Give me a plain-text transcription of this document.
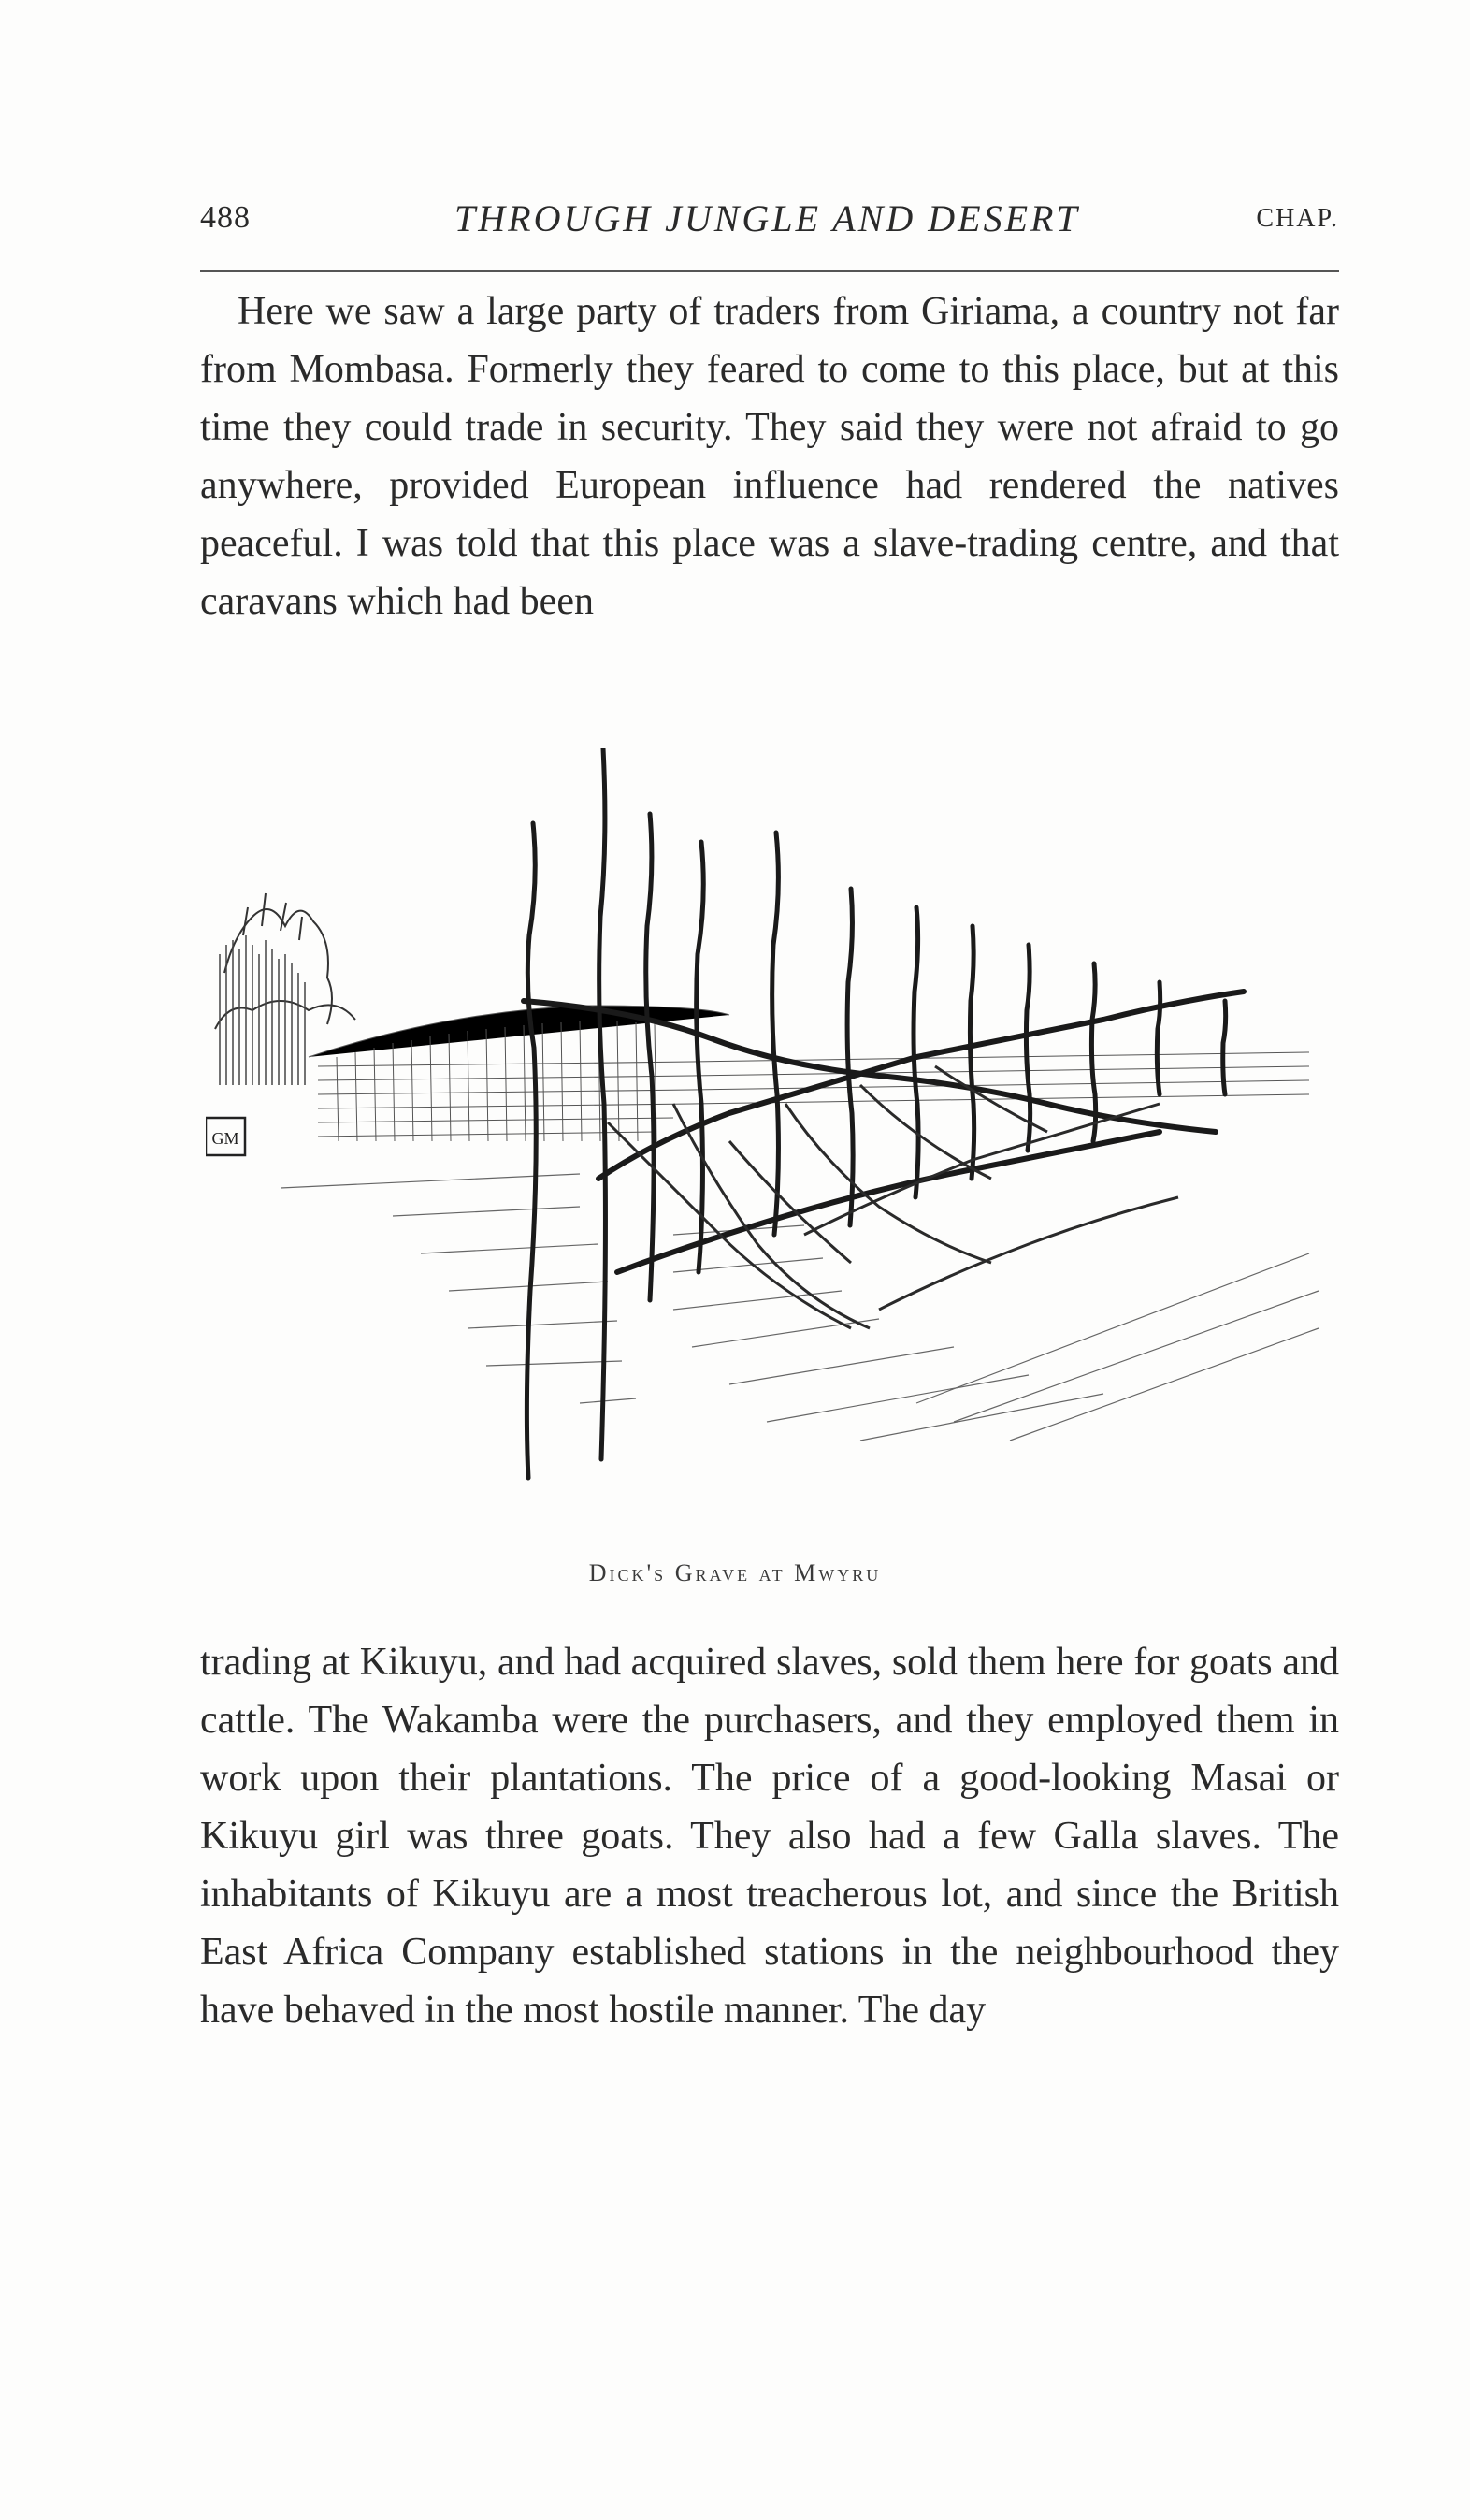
488	THROUGH JUNGLE AND DESERT	CHAP.

Here we saw a large party of traders from Giriama, a country not far from Mombasa. Formerly they feared to come to this place, but at this time they could trade in security. They said they were not afraid to go anywhere, provided European influence had rendered the natives peaceful. I was told that this place was a slave-trading centre, and that caravans which had been

GM
Dick's Grave at Mwyru

trading at Kikuyu, and had acquired slaves, sold them here for goats and cattle. The Wakamba were the purchasers, and they employed them in work upon their plantations. The price of a good-looking Masai or Kikuyu girl was three goats. They also had a few Galla slaves. The inhabitants of Kikuyu are a most treacherous lot, and since the British East Africa Company established stations in the neighbourhood they have behaved in the most hostile manner. The day
